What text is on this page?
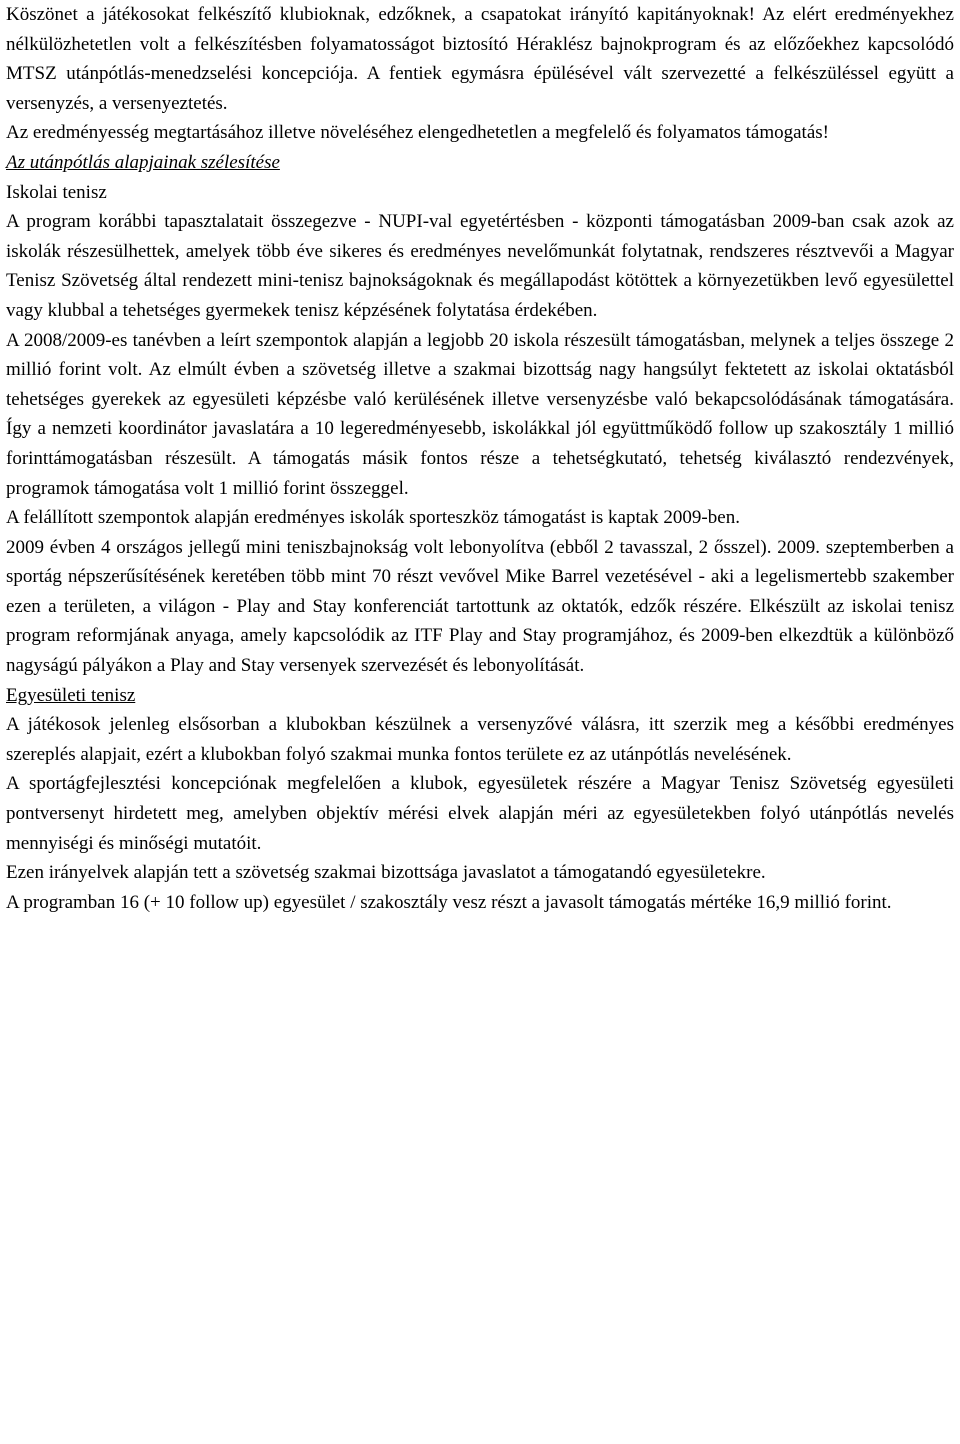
Köszönet a játékosokat felkészítő klubioknak, edzőknek, a csapatokat irányító kapitányoknak! Az elért eredményekhez nélkülözhetetlen volt a felkészítésben folyamatosságot biztosító Héraklész bajnokprogram és az előzőekhez kapcsolódó MTSZ utánpótlás-menedzselési koncepciója. A fentiek egymásra épülésével vált szervezetté a felkészüléssel együtt a versenyzés, a versenyeztetés.

Az eredményesség megtartásához illetve növeléséhez elengedhetetlen a megfelelő és folyamatos támogatás!

Az utánpótlás alapjainak szélesítése

Iskolai tenisz

A program korábbi tapasztalatait összegezve - NUPI-val egyetértésben - központi támogatásban 2009-ban csak azok az iskolák részesülhettek, amelyek több éve sikeres és eredményes nevelőmunkát folytatnak, rendszeres résztvevői a Magyar Tenisz Szövetség által rendezett mini-tenisz bajnokságoknak és megállapodást kötöttek a környezetükben levő egyesülettel vagy klubbal a tehetséges gyermekek tenisz képzésének folytatása érdekében.

A 2008/2009-es tanévben a leírt szempontok alapján a legjobb 20 iskola részesült támogatásban, melynek a teljes összege 2 millió forint volt. Az elmúlt évben a szövetség illetve a szakmai bizottság nagy hangsúlyt fektetett az iskolai oktatásból tehetséges gyerekek az egyesületi képzésbe való kerülésének illetve versenyzésbe való bekapcsolódásának támogatására. Így a nemzeti koordinátor javaslatára a 10 legeredményesebb, iskolákkal jól együttműködő follow up szakosztály 1 millió forinttámogatásban részesült. A támogatás másik fontos része a tehetségkutató, tehetség kiválasztó rendezvények, programok támogatása volt 1 millió forint összeggel.

A felállított szempontok alapján eredményes iskolák sporteszköz támogatást is kaptak 2009-ben.

2009 évben 4 országos jellegű mini teniszbajnokság volt lebonyolítva (ebből 2 tavasszal, 2 ősszel). 2009. szeptemberben a sportág népszerűsítésének keretében több mint 70 részt vevővel Mike Barrel vezetésével - aki a legelismertebb szakember ezen a területen, a világon - Play and Stay konferenciát tartottunk az oktatók, edzők részére. Elkészült az iskolai tenisz program reformjának anyaga, amely kapcsolódik az ITF Play and Stay programjához, és 2009-ben elkezdtük a különböző nagyságú pályákon a Play and Stay versenyek szervezését és lebonyolítását.

Egyesületi tenisz

A játékosok jelenleg elsősorban a klubokban készülnek a versenyzővé válásra, itt szerzik meg a későbbi eredményes szereplés alapjait, ezért a klubokban folyó szakmai munka fontos területe ez az utánpótlás nevelésének.

A sportágfejlesztési koncepciónak megfelelően a klubok, egyesületek részére a Magyar Tenisz Szövetség egyesületi pontversenyt hirdetett meg, amelyben objektív mérési elvek alapján méri az egyesületekben folyó utánpótlás nevelés mennyiségi és minőségi mutatóit.

Ezen irányelvek alapján tett a szövetség szakmai bizottsága javaslatot a támogatandó egyesületekre.

A programban 16 (+ 10 follow up) egyesület / szakosztály vesz részt a javasolt támogatás mértéke 16,9 millió forint.
